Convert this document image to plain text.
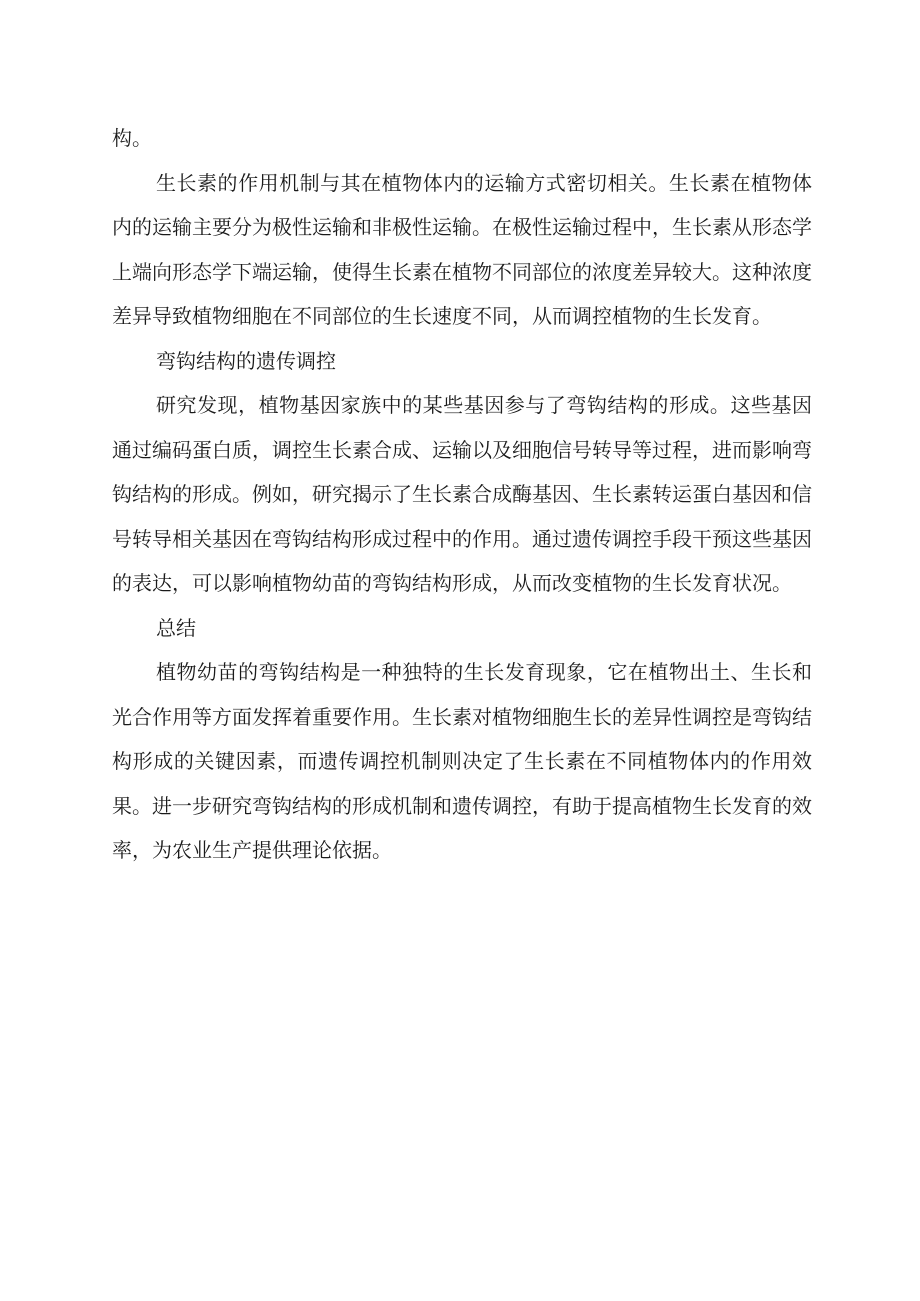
构。

生长素的作用机制与其在植物体内的运输方式密切相关。生长素在植物体内的运输主要分为极性运输和非极性运输。在极性运输过程中，生长素从形态学上端向形态学下端运输，使得生长素在植物不同部位的浓度差异较大。这种浓度差异导致植物细胞在不同部位的生长速度不同，从而调控植物的生长发育。

弯钩结构的遗传调控

研究发现，植物基因家族中的某些基因参与了弯钩结构的形成。这些基因通过编码蛋白质，调控生长素合成、运输以及细胞信号转导等过程，进而影响弯钩结构的形成。例如，研究揭示了生长素合成酶基因、生长素转运蛋白基因和信号转导相关基因在弯钩结构形成过程中的作用。通过遗传调控手段干预这些基因的表达，可以影响植物幼苗的弯钩结构形成，从而改变植物的生长发育状况。

总结

植物幼苗的弯钩结构是一种独特的生长发育现象，它在植物出土、生长和光合作用等方面发挥着重要作用。生长素对植物细胞生长的差异性调控是弯钩结构形成的关键因素，而遗传调控机制则决定了生长素在不同植物体内的作用效果。进一步研究弯钩结构的形成机制和遗传调控，有助于提高植物生长发育的效率，为农业生产提供理论依据。
